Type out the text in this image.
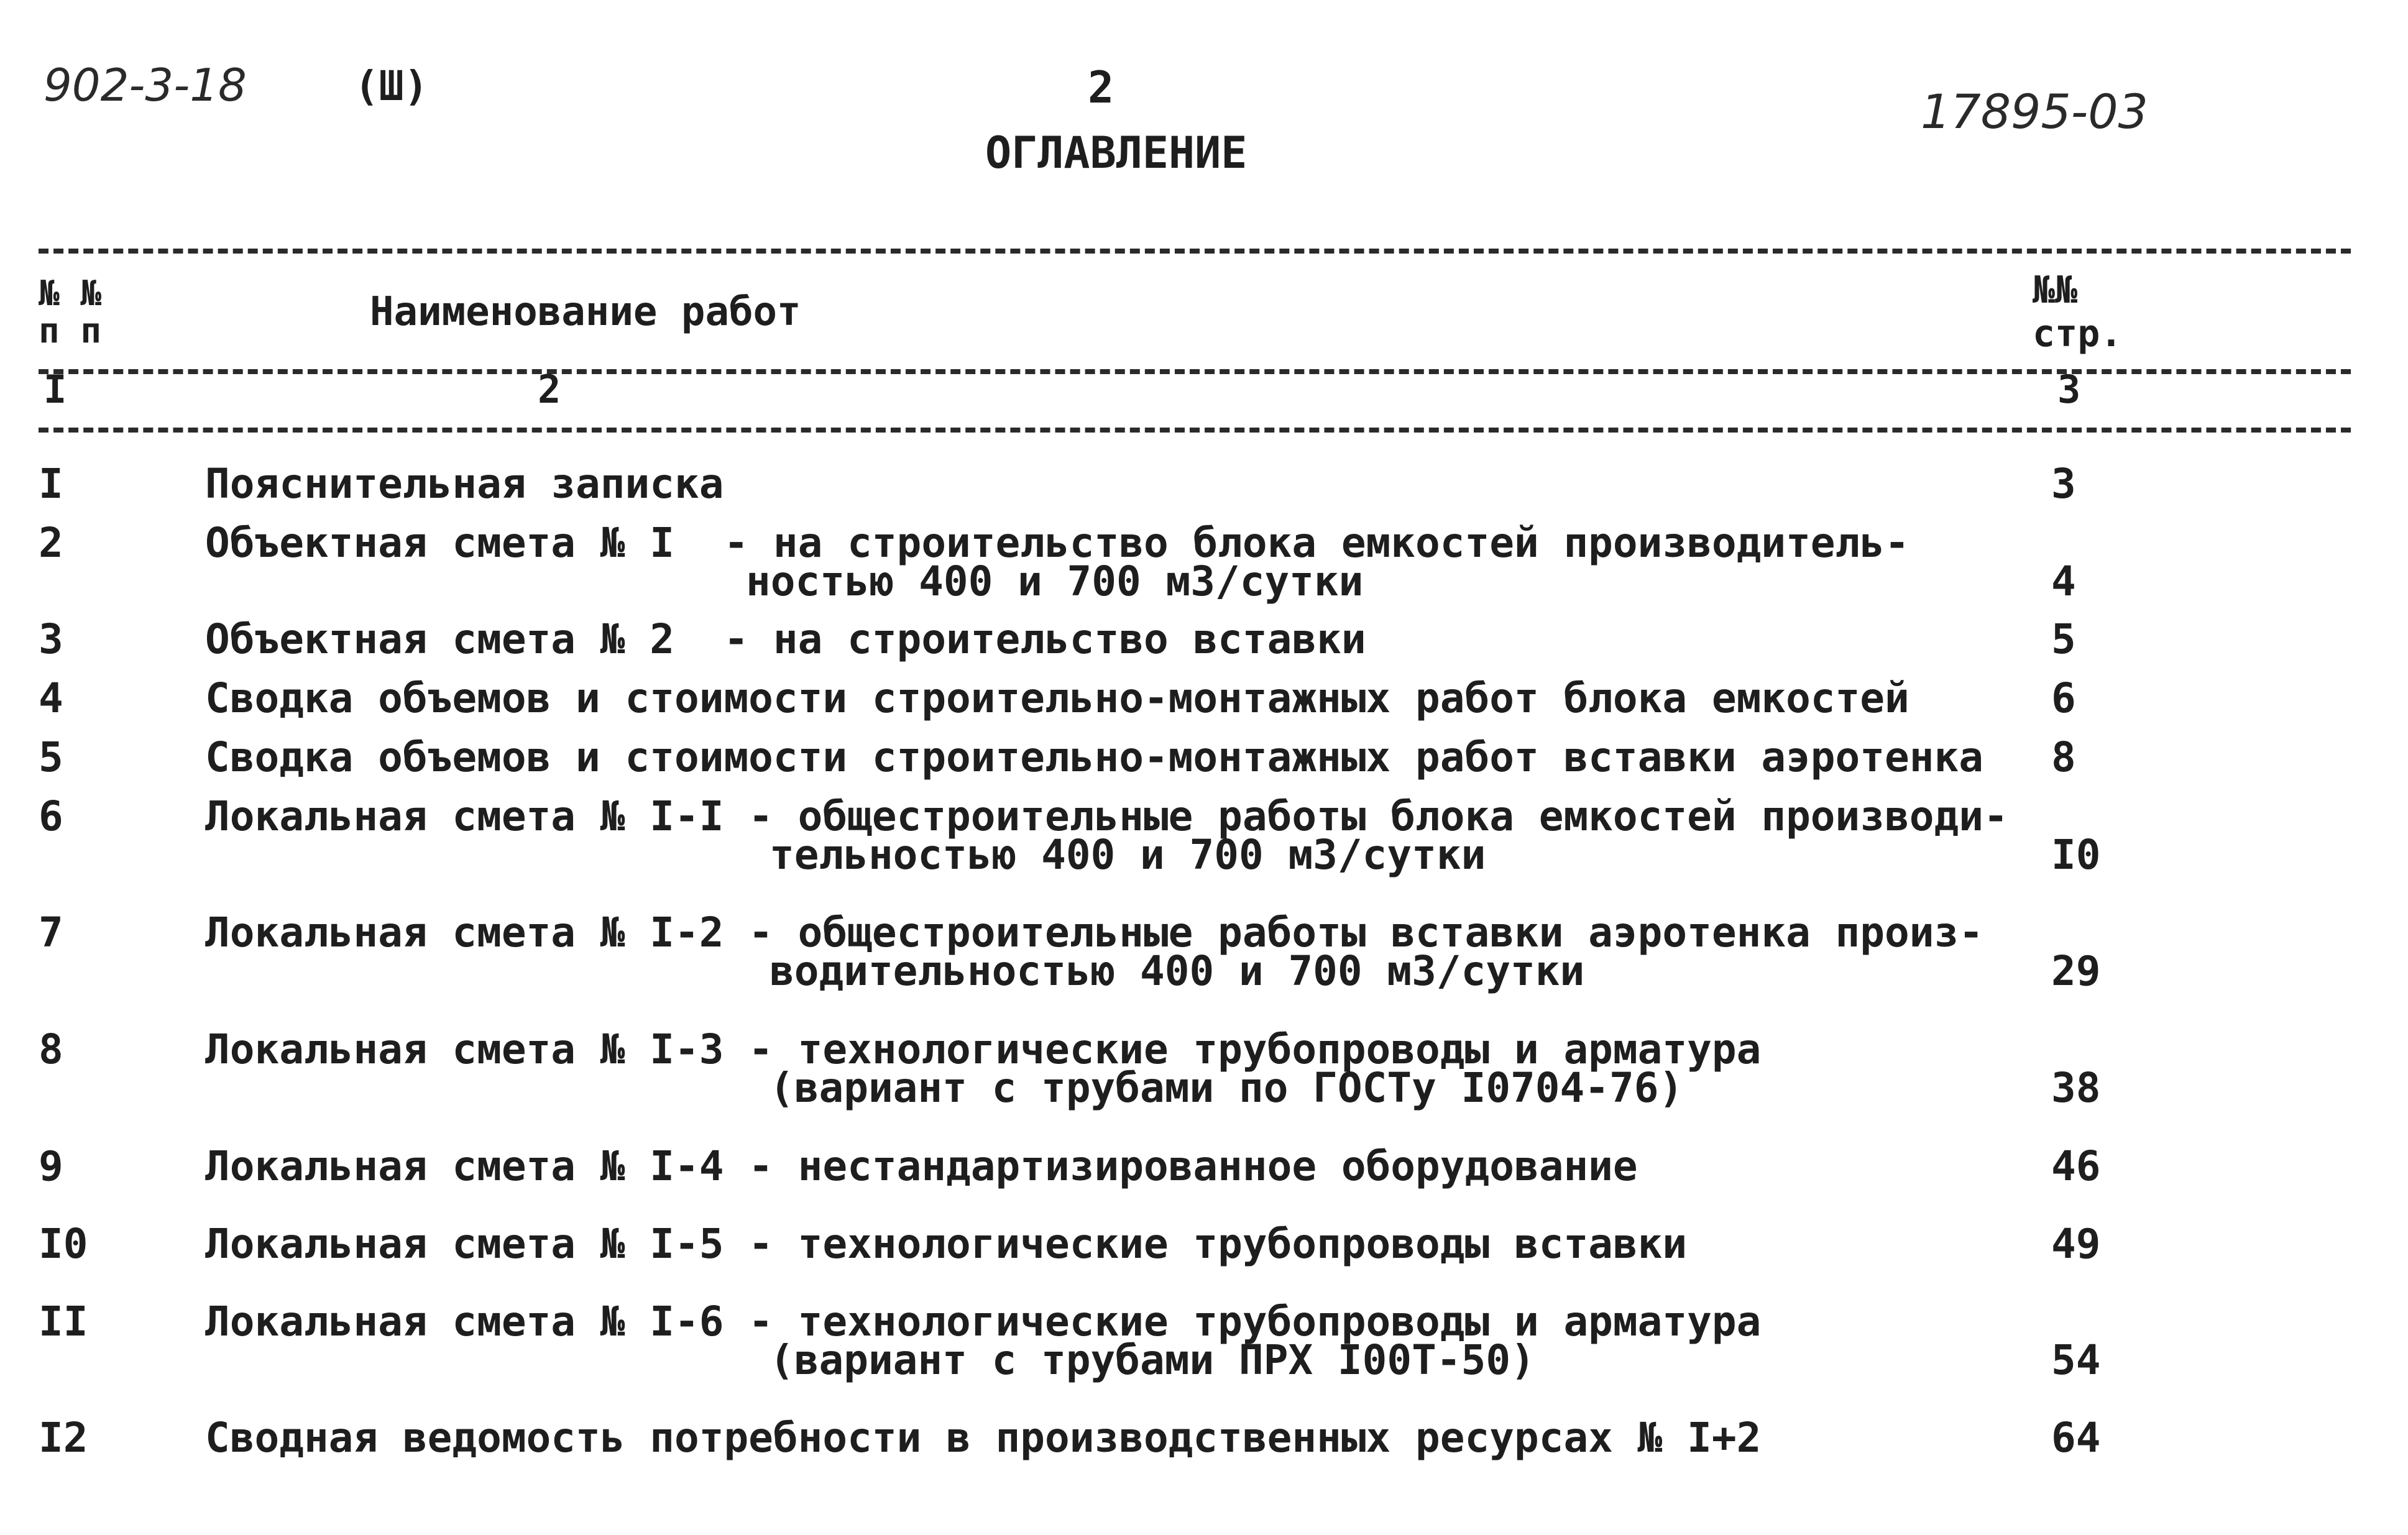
902-3-18	(Ш)	2	17895-03
ОГЛАВЛЕНИЕ
№ №
п п	Наименование работ	№№
стр.
I	2	3
I	Пояснительная записка	3
2	Объектная смета № I  - на строительство блока емкостей производитель-
ностью 400 и 700 м3/сутки	4
3	Объектная смета № 2  - на строительство вставки	5
4	Сводка объемов и стоимости строительно-монтажных работ блока емкостей	6
5	Сводка объемов и стоимости строительно-монтажных работ вставки аэротенка 8
6	Локальная смета № I-I - общестроительные работы блока емкостей производи-
тельностью 400 и 700 м3/сутки	I0
7	Локальная смета № I-2 - общестроительные работы вставки аэротенка произ-
водительностью 400 и 700 м3/сутки	29
8	Локальная смета № I-3 - технологические трубопроводы и арматура
(вариант с трубами по ГОСТу I0704-76)	38
9	Локальная смета № I-4 - нестандартизированное оборудование	46
I0	Локальная смета № I-5 - технологические трубопроводы вставки	49
II	Локальная смета № I-6 - технологические трубопроводы и арматура
(вариант с трубами ПРХ I00Т-50)	54
I2	Сводная ведомость потребности в производственных ресурсах № I+2	64
